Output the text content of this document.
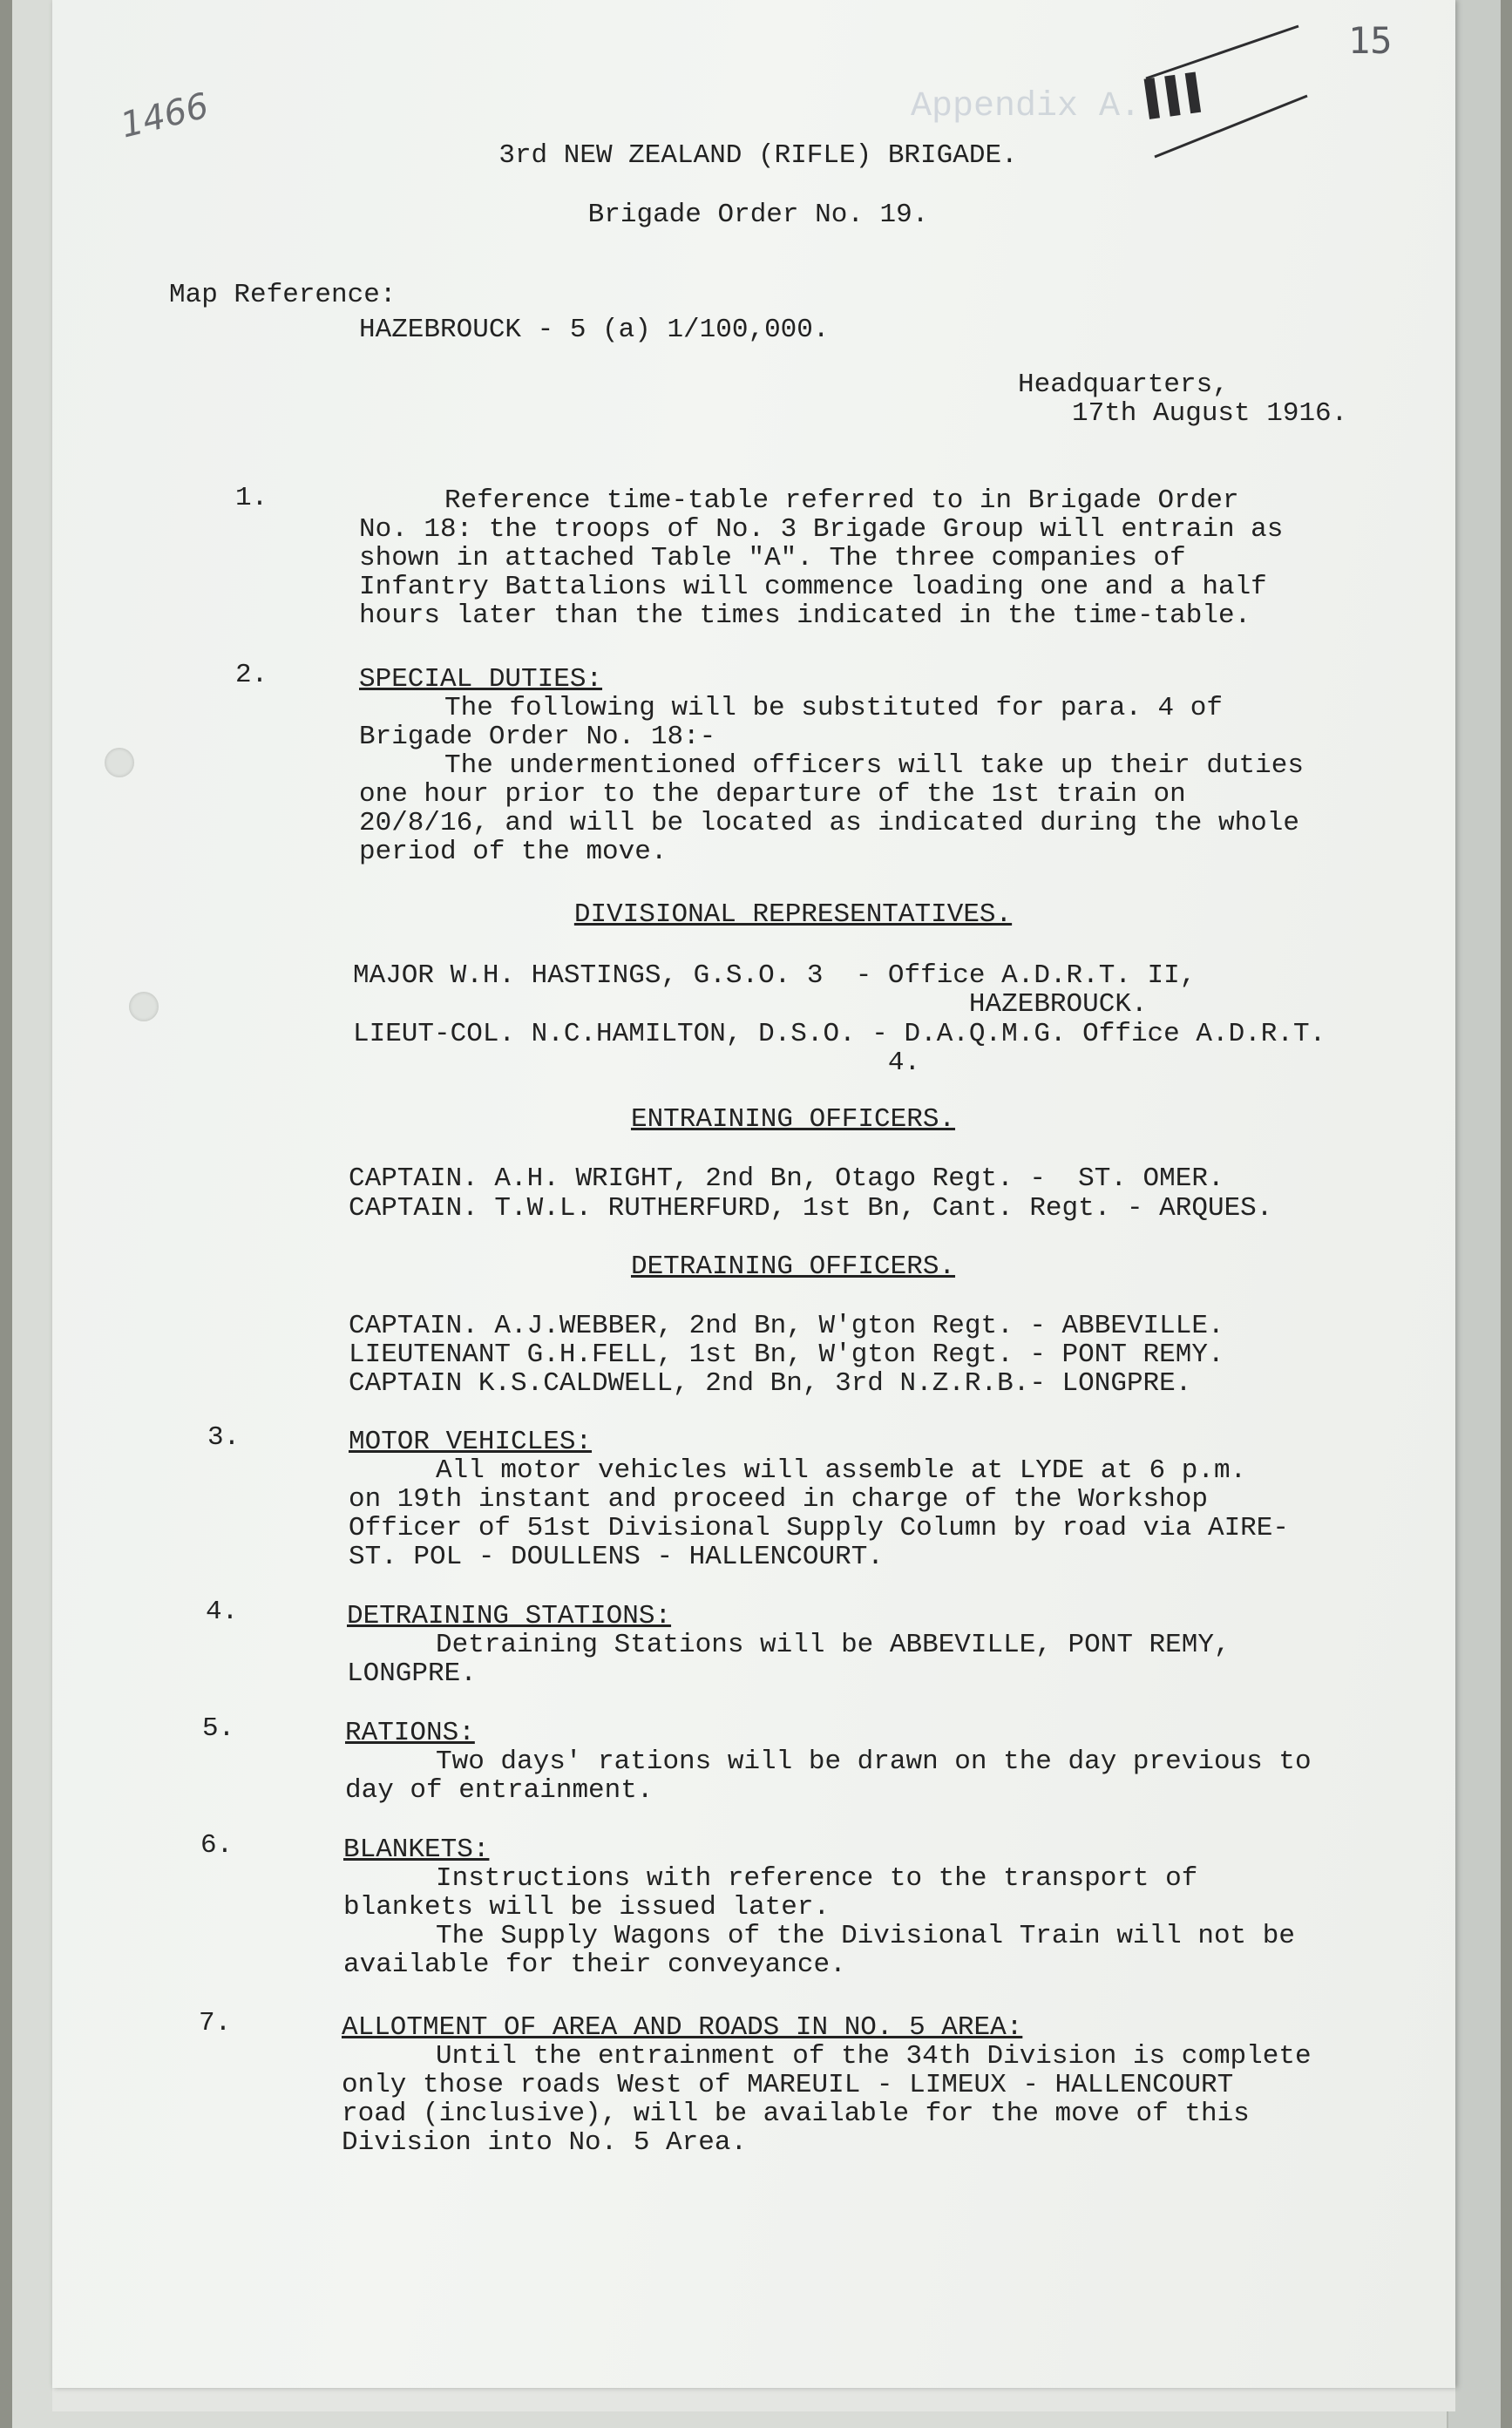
Appendix A.
15
1466	III
3rd NEW ZEALAND (RIFLE) BRIGADE.
Brigade Order No. 19.
Map Reference:
HAZEBROUCK - 5 (a) 1/100,000.
Headquarters,
17th August 1916.
1.	Reference time-table referred to in Brigade Order
No. 18: the troops of No. 3 Brigade Group will entrain as
shown in attached Table "A". The three companies of
Infantry Battalions will commence loading one and a half
hours later than the times indicated in the time-table.
2.	SPECIAL DUTIES:
The following will be substituted for para. 4 of
Brigade Order No. 18:-
The undermentioned officers will take up their duties
one hour prior to the departure of the 1st train on
20/8/16, and will be located as indicated during the whole
period of the move.
DIVISIONAL REPRESENTATIVES.
MAJOR W.H. HASTINGS, G.S.O. 3  - Office A.D.R.T. II,
HAZEBROUCK.
LIEUT-COL. N.C.HAMILTON, D.S.O. - D.A.Q.M.G. Office A.D.R.T.
4.
ENTRAINING OFFICERS.
CAPTAIN. A.H. WRIGHT, 2nd Bn, Otago Regt. -  ST. OMER.
CAPTAIN. T.W.L. RUTHERFURD, 1st Bn, Cant. Regt. - ARQUES.
DETRAINING OFFICERS.
CAPTAIN. A.J.WEBBER, 2nd Bn, W'gton Regt. - ABBEVILLE.
LIEUTENANT G.H.FELL, 1st Bn, W'gton Regt. - PONT REMY.
CAPTAIN K.S.CALDWELL, 2nd Bn, 3rd N.Z.R.B.- LONGPRE.
3.	MOTOR VEHICLES:
All motor vehicles will assemble at LYDE at 6 p.m.
on 19th instant and proceed in charge of the Workshop
Officer of 51st Divisional Supply Column by road via AIRE-
ST. POL - DOULLENS - HALLENCOURT.
4.	DETRAINING STATIONS:
Detraining Stations will be ABBEVILLE, PONT REMY,
LONGPRE.
5.	RATIONS:
Two days' rations will be drawn on the day previous to
day of entrainment.
6.	BLANKETS:
Instructions with reference to the transport of
blankets will be issued later.
The Supply Wagons of the Divisional Train will not be
available for their conveyance.
7.	ALLOTMENT OF AREA AND ROADS IN NO. 5 AREA:
Until the entrainment of the 34th Division is complete
only those roads West of MAREUIL - LIMEUX - HALLENCOURT
road (inclusive), will be available for the move of this
Division into No. 5 Area.
